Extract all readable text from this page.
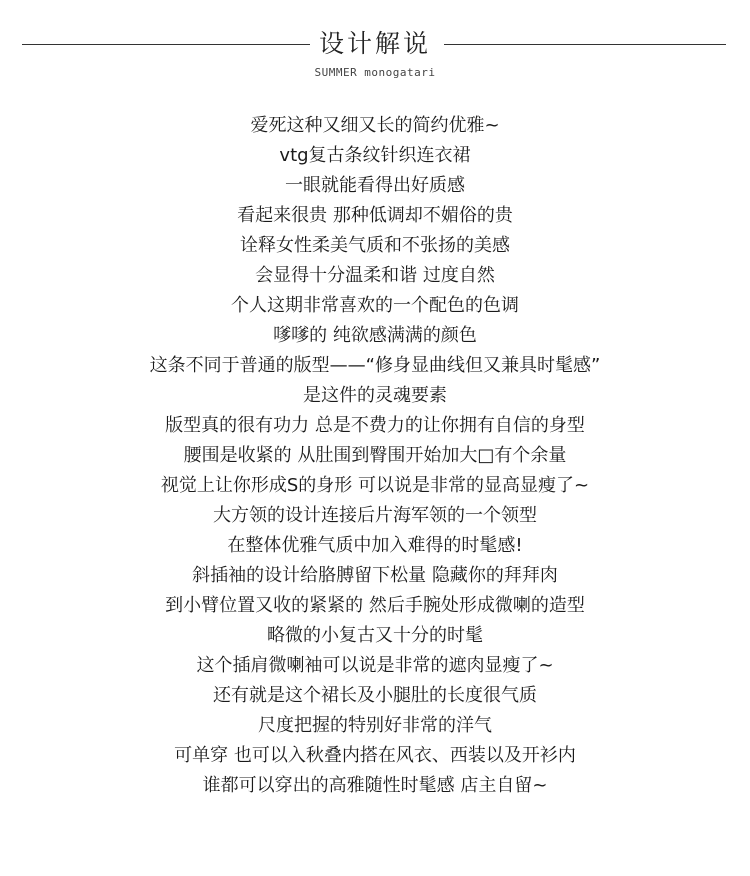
设计解说
SUMMER monogatari
爱死这种又细又长的简约优雅~
vtg复古条纹针织连衣裙
一眼就能看得出好质感
看起来很贵 那种低调却不媚俗的贵
诠释女性柔美气质和不张扬的美感
会显得十分温柔和谐 过度自然
个人这期非常喜欢的一个配色的色调
嗲嗲的 纯欲感满满的颜色
这条不同于普通的版型——“修身显曲线但又兼具时髦感”
是这件的灵魂要素
版型真的很有功力 总是不费力的让你拥有自信的身型
腰围是收紧的 从肚围到臀围开始加大□有个余量
视觉上让你形成S的身形 可以说是非常的显高显瘦了~
大方领的设计连接后片海军领的一个领型
在整体优雅气质中加入难得的时髦感!
斜插袖的设计给胳膊留下松量 隐藏你的拜拜肉
到小臂位置又收的紧紧的 然后手腕处形成微喇的造型
略微的小复古又十分的时髦
这个插肩微喇袖可以说是非常的遮肉显瘦了~
还有就是这个裙长及小腿肚的长度很气质
尺度把握的特别好非常的洋气
可单穿 也可以入秋叠内搭在风衣、西装以及开衫内
谁都可以穿出的高雅随性时髦感 店主自留~
